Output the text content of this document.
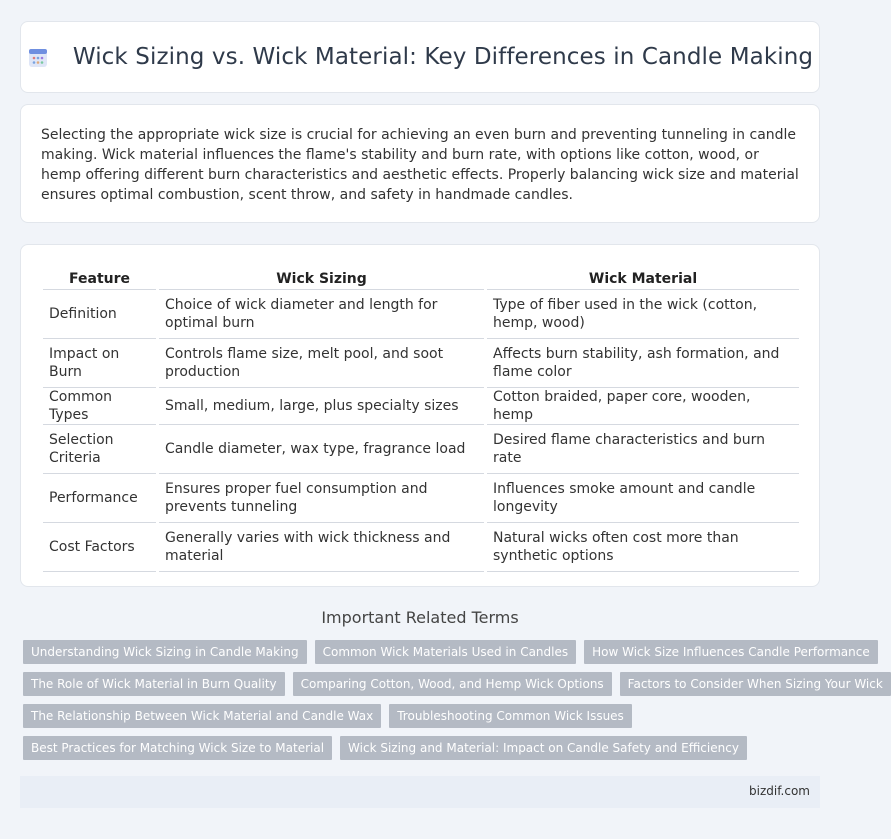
Wick Sizing vs. Wick Material: Key Differences in Candle Making

Selecting the appropriate wick size is crucial for achieving an even burn and preventing tunneling in candle making. Wick material influences the flame's stability and burn rate, with options like cotton, wood, or hemp offering different burn characteristics and aesthetic effects. Properly balancing wick size and material ensures optimal combustion, scent throw, and safety in handmade candles.

Feature	Wick Sizing	Wick Material
Definition	Choice of wick diameter and length for optimal burn	Type of fiber used in the wick (cotton, hemp, wood)
Impact on Burn	Controls flame size, melt pool, and soot production	Affects burn stability, ash formation, and flame color
Common Types	Small, medium, large, plus specialty sizes	Cotton braided, paper core, wooden, hemp
Selection Criteria	Candle diameter, wax type, fragrance load	Desired flame characteristics and burn rate
Performance	Ensures proper fuel consumption and prevents tunneling	Influences smoke amount and candle longevity
Cost Factors	Generally varies with wick thickness and material	Natural wicks often cost more than synthetic options
Important Related Terms
Understanding Wick Sizing in Candle Making	Common Wick Materials Used in Candles	How Wick Size Influences Candle Performance
The Role of Wick Material in Burn Quality	Comparing Cotton, Wood, and Hemp Wick Options	Factors to Consider When Sizing Your Wick
The Relationship Between Wick Material and Candle Wax	Troubleshooting Common Wick Issues
Best Practices for Matching Wick Size to Material	Wick Sizing and Material: Impact on Candle Safety and Efficiency
bizdif.com
